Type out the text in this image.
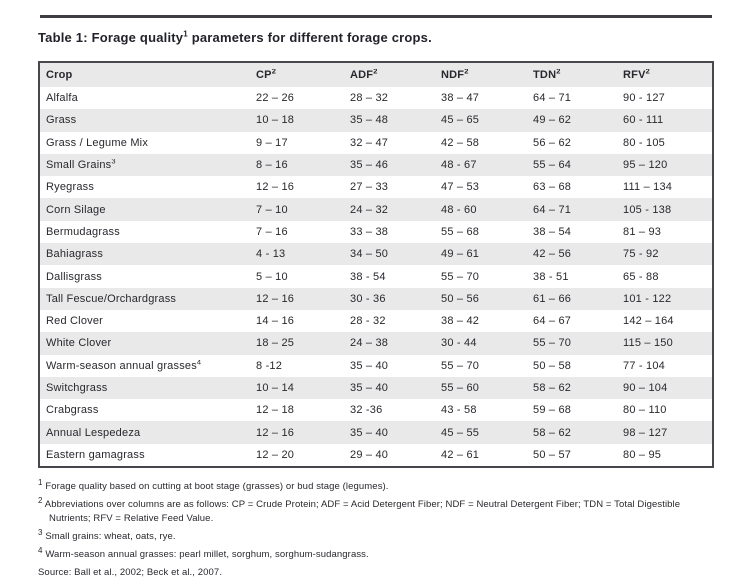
Table 1: Forage quality$^1$ parameters for different forage crops.
Crop	$CP^2$	ADF$^2$	NDF$^2$	TDN$^2$	RFV$^2$
Alfalfa	22 – 26	28 – 32	38 – 47	64 – 71	90 - 127
Grass	10 – 18	35 – 48	45 – 65	49 – 62	60 - 111
Grass / Legume Mix	9 – 17	32 – 47	42 – 58	56 – 62	80 - 105
Small Grains$^3$	8 – 16	35 – 46	48 - 67	55 – 64	95 – 120
Ryegrass	12 – 16	27 – 33	47 – 53	63 – 68	111 – 134
Corn Silage	7 – 10	24 – 32	48 - 60	64 – 71	105 - 138
Bermudagrass	7 – 16	33 – 38	55 – 68	38 – 54	81 – 93
Bahiagrass	4 - 13	34 – 50	49 – 61	42 – 56	75 - 92
Dallisgrass	5 – 10	38 - 54	55 – 70	38 - 51	65 - 88
Tall Fescue/Orchardgrass	12 – 16	30 - 36	50 – 56	61 – 66	101 - 122
Red Clover	14 – 16	28 - 32	38 – 42	64 – 67	142 – 164
White Clover	18 – 25	24 – 38	30 - 44	55 – 70	115 – 150
Warm-season annual grasses$^4$	8 -12	35 – 40	55 – 70	50 – 58	77 - 104
Switchgrass	10 – 14	35 – 40	55 – 60	58 – 62	90 – 104
Crabgrass	12 – 18	32 -36	43 - 58	59 – 68	80 – 110
Annual Lespedeza	12 – 16	35 – 40	45 – 55	58 – 62	98 – 127
Eastern gamagrass	12 – 20	29 – 40	42 – 61	50 – 57	80 – 95
$^1$ Forage quality based on cutting at boot stage (grasses) or bud stage (legumes).
$^2$ Abbreviations over columns are as follows: CP = Crude Protein; ADF = Acid Detergent Fiber; NDF = Neutral Detergent Fiber; TDN = Total Digestible Nutrients; RFV = Relative Feed Value.
$^3$ Small grains: wheat, oats, rye.
$^4$ Warm-season annual grasses: pearl millet, sorghum, sorghum-sudangrass.
Source: Ball et al., 2002; Beck et al., 2007.
